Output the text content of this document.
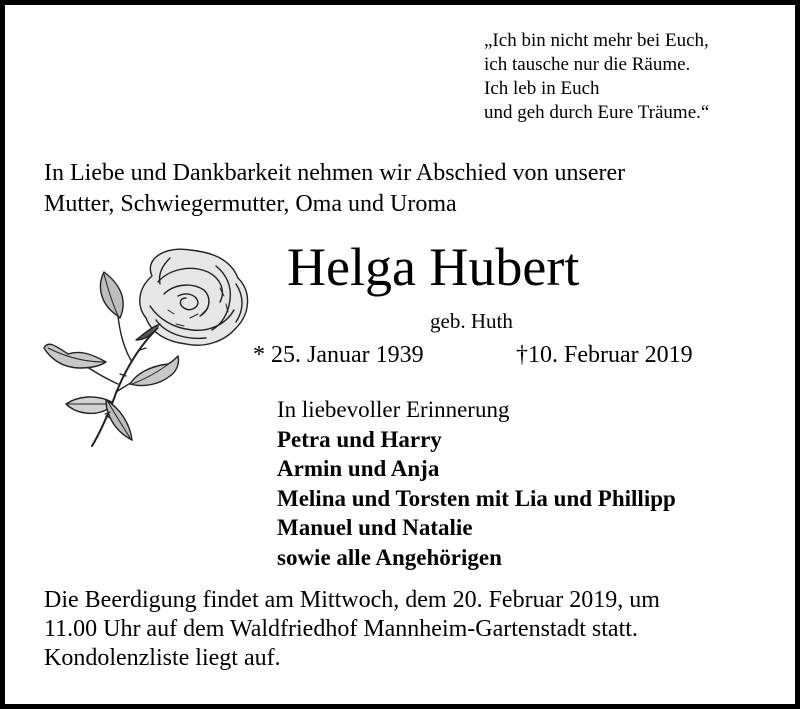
„Ich bin nicht mehr bei Euch,
ich tausche nur die Räume.
Ich leb in Euch
und geh durch Eure Träume.“
In Liebe und Dankbarkeit nehmen wir Abschied von unserer
Mutter, Schwiegermutter, Oma und Uroma
Helga Hubert
geb. Huth
* 25. Januar 1939	†10. Februar 2019
In liebevoller Erinnerung
Petra und Harry
Armin und Anja
Melina und Torsten mit Lia und Phillipp
Manuel und Natalie
sowie alle Angehörigen
Die Beerdigung findet am Mittwoch, dem 20. Februar 2019, um
11.00 Uhr auf dem Waldfriedhof Mannheim-Gartenstadt statt.
Kondolenzliste liegt auf.
